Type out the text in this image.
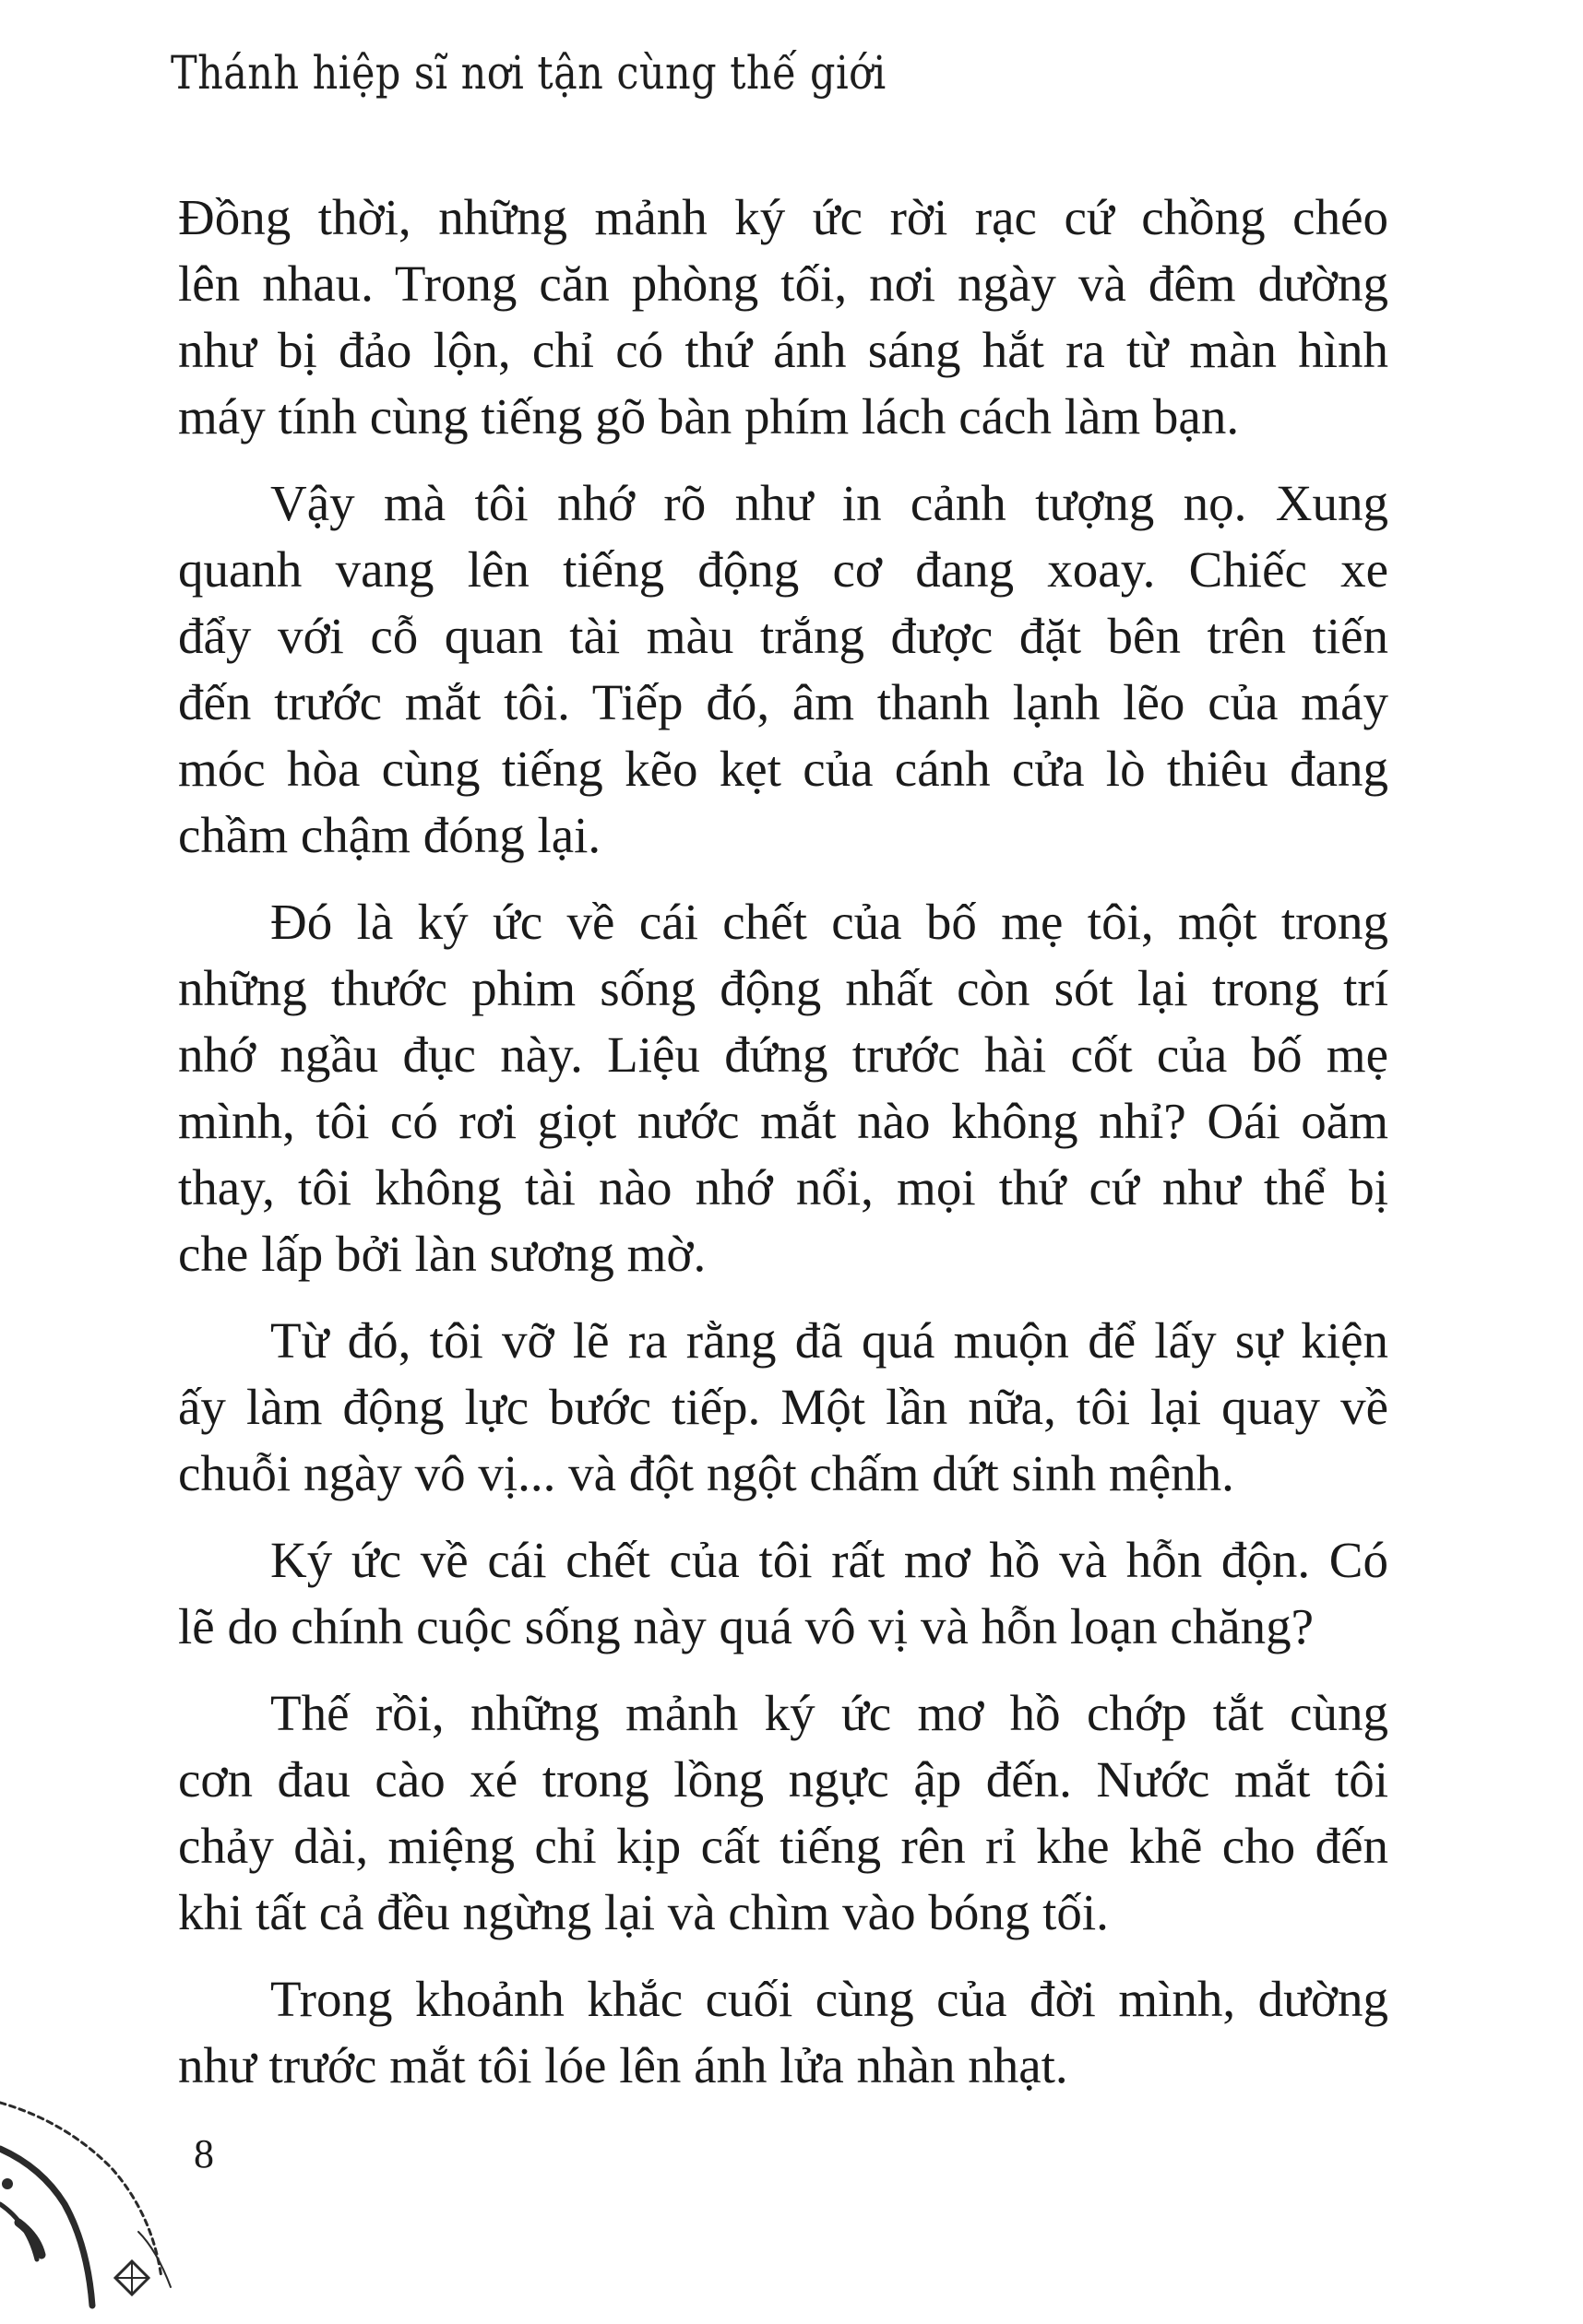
Thánh hiệp sĩ nơi tận cùng thế giới
Đồng thời, những mảnh ký ức rời rạc cứ chồng chéo
lên nhau. Trong căn phòng tối, nơi ngày và đêm dường
như bị đảo lộn, chỉ có thứ ánh sáng hắt ra từ màn hình
máy tính cùng tiếng gõ bàn phím lách cách làm bạn.
Vậy mà tôi nhớ rõ như in cảnh tượng nọ. Xung
quanh vang lên tiếng động cơ đang xoay. Chiếc xe
đẩy với cỗ quan tài màu trắng được đặt bên trên tiến
đến trước mắt tôi. Tiếp đó, âm thanh lạnh lẽo của máy
móc hòa cùng tiếng kẽo kẹt của cánh cửa lò thiêu đang
chầm chậm đóng lại.
Đó là ký ức về cái chết của bố mẹ tôi, một trong
những thước phim sống động nhất còn sót lại trong trí
nhớ ngầu đục này. Liệu đứng trước hài cốt của bố mẹ
mình, tôi có rơi giọt nước mắt nào không nhỉ? Oái oăm
thay, tôi không tài nào nhớ nổi, mọi thứ cứ như thể bị
che lấp bởi làn sương mờ.
Từ đó, tôi vỡ lẽ ra rằng đã quá muộn để lấy sự kiện
ấy làm động lực bước tiếp. Một lần nữa, tôi lại quay về
chuỗi ngày vô vị... và đột ngột chấm dứt sinh mệnh.
Ký ức về cái chết của tôi rất mơ hồ và hỗn độn. Có
lẽ do chính cuộc sống này quá vô vị và hỗn loạn chăng?
Thế rồi, những mảnh ký ức mơ hồ chớp tắt cùng
cơn đau cào xé trong lồng ngực ập đến. Nước mắt tôi
chảy dài, miệng chỉ kịp cất tiếng rên rỉ khe khẽ cho đến
khi tất cả đều ngừng lại và chìm vào bóng tối.
Trong khoảnh khắc cuối cùng của đời mình, dường
như trước mắt tôi lóe lên ánh lửa nhàn nhạt.
8
